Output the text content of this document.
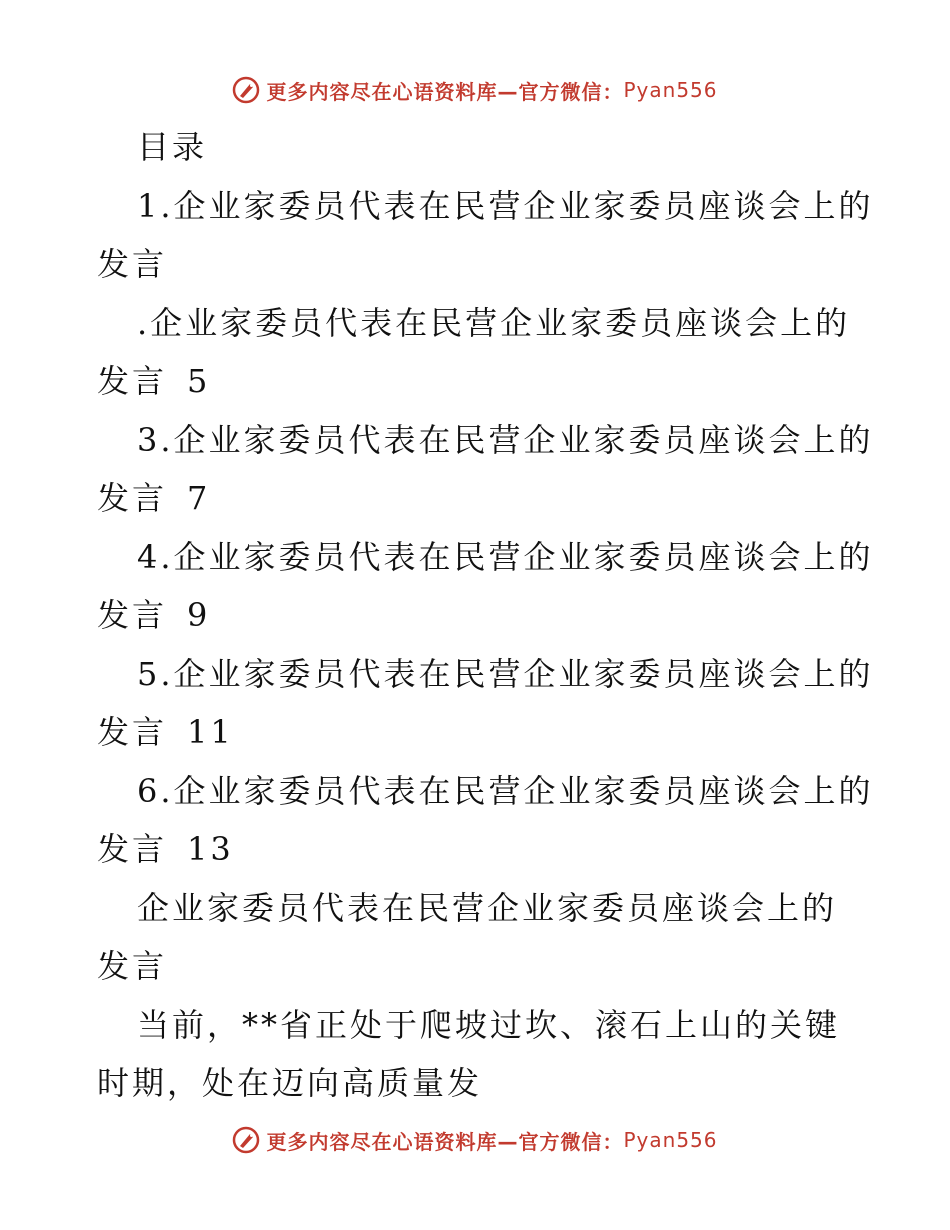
更多内容尽在心语资料库—官方微信： Pyan556

目录

1.企业家委员代表在民营企业家委员座谈会上的
发言

.企业家委员代表在民营企业家委员座谈会上的
发言 5

3.企业家委员代表在民营企业家委员座谈会上的
发言 7

4.企业家委员代表在民营企业家委员座谈会上的
发言 9

5.企业家委员代表在民营企业家委员座谈会上的
发言 11

6.企业家委员代表在民营企业家委员座谈会上的
发言 13

企业家委员代表在民营企业家委员座谈会上的发言

当前，**省正处于爬坡过坎、滚石上山的关键时期，处在迈向高质量发

更多内容尽在心语资料库—官方微信： Pyan556
